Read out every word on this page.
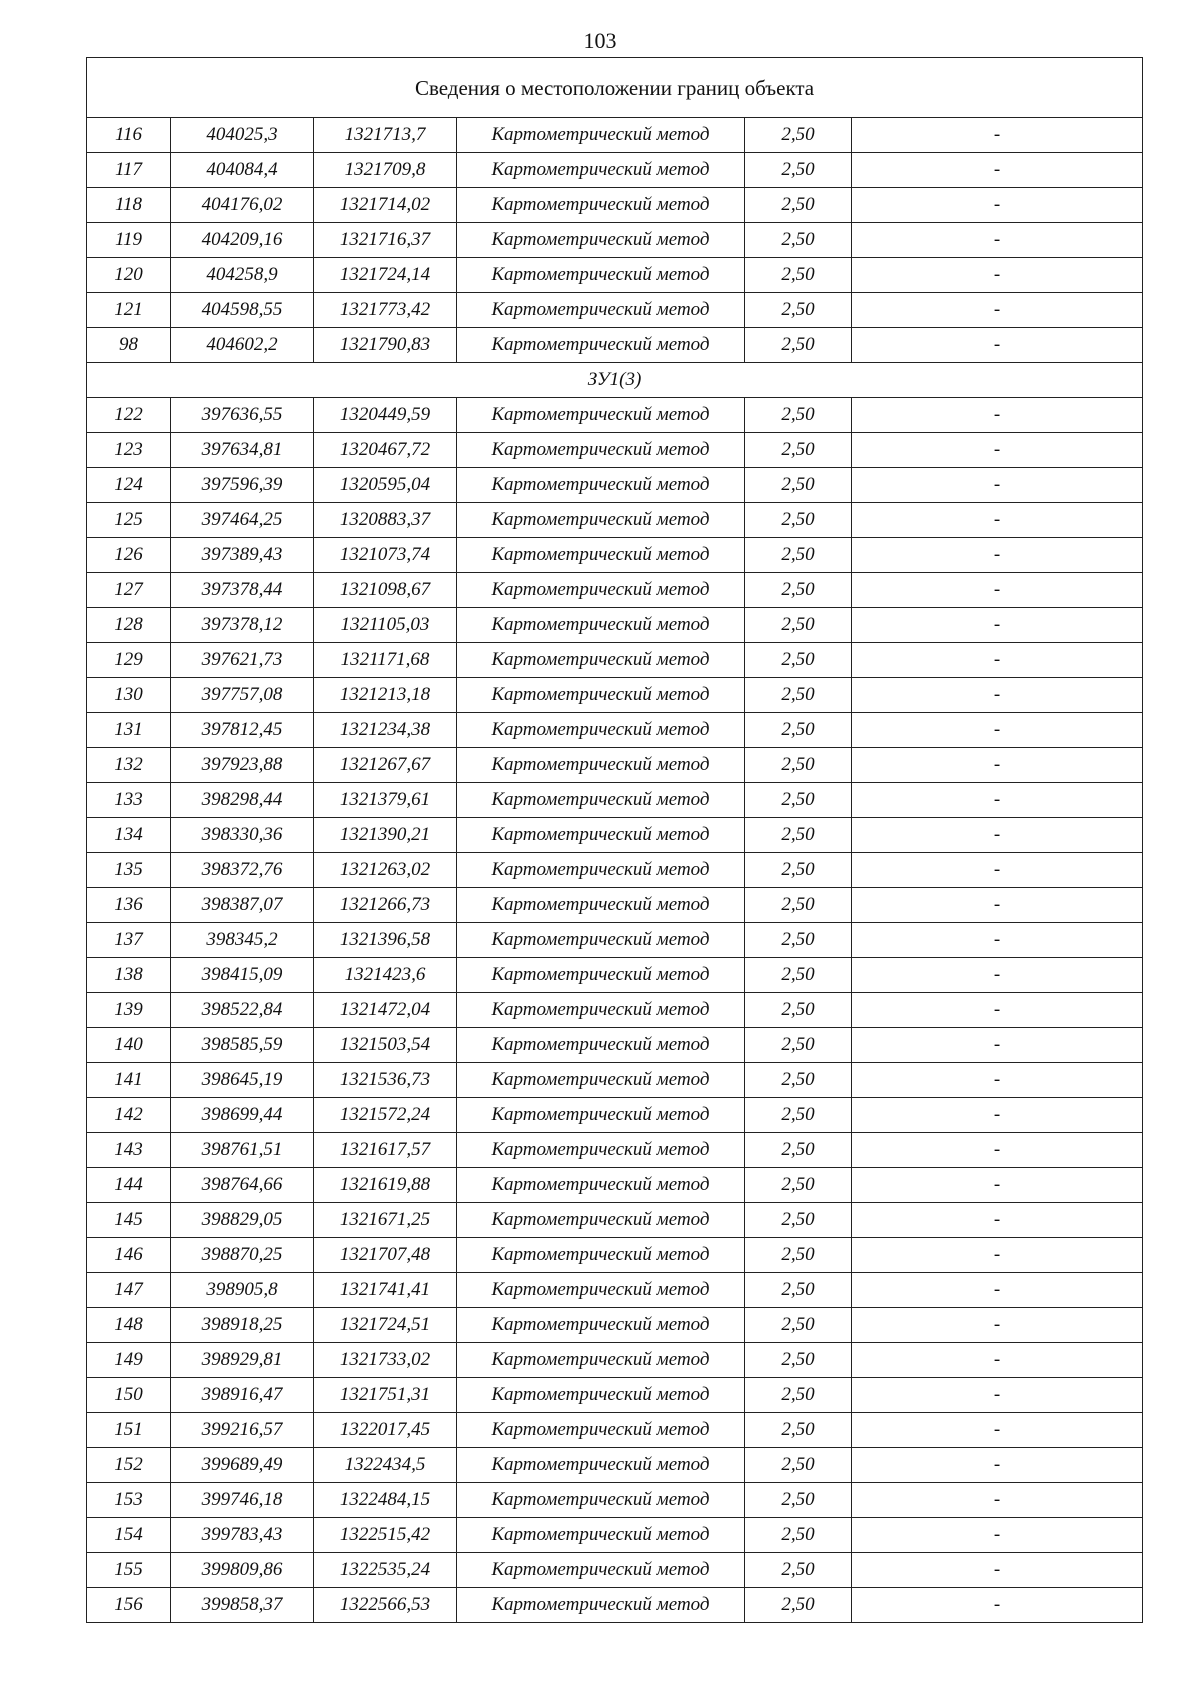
103
Сведения о местоположении границ объекта					
116	404025,3	1321713,7	Картометрический метод	2,50	-
117	404084,4	1321709,8	Картометрический метод	2,50	-
118	404176,02	1321714,02	Картометрический метод	2,50	-
119	404209,16	1321716,37	Картометрический метод	2,50	-
120	404258,9	1321724,14	Картометрический метод	2,50	-
121	404598,55	1321773,42	Картометрический метод	2,50	-
98	404602,2	1321790,83	Картометрический метод	2,50	-
ЗУ1(3)					
122	397636,55	1320449,59	Картометрический метод	2,50	-
123	397634,81	1320467,72	Картометрический метод	2,50	-
124	397596,39	1320595,04	Картометрический метод	2,50	-
125	397464,25	1320883,37	Картометрический метод	2,50	-
126	397389,43	1321073,74	Картометрический метод	2,50	-
127	397378,44	1321098,67	Картометрический метод	2,50	-
128	397378,12	1321105,03	Картометрический метод	2,50	-
129	397621,73	1321171,68	Картометрический метод	2,50	-
130	397757,08	1321213,18	Картометрический метод	2,50	-
131	397812,45	1321234,38	Картометрический метод	2,50	-
132	397923,88	1321267,67	Картометрический метод	2,50	-
133	398298,44	1321379,61	Картометрический метод	2,50	-
134	398330,36	1321390,21	Картометрический метод	2,50	-
135	398372,76	1321263,02	Картометрический метод	2,50	-
136	398387,07	1321266,73	Картометрический метод	2,50	-
137	398345,2	1321396,58	Картометрический метод	2,50	-
138	398415,09	1321423,6	Картометрический метод	2,50	-
139	398522,84	1321472,04	Картометрический метод	2,50	-
140	398585,59	1321503,54	Картометрический метод	2,50	-
141	398645,19	1321536,73	Картометрический метод	2,50	-
142	398699,44	1321572,24	Картометрический метод	2,50	-
143	398761,51	1321617,57	Картометрический метод	2,50	-
144	398764,66	1321619,88	Картометрический метод	2,50	-
145	398829,05	1321671,25	Картометрический метод	2,50	-
146	398870,25	1321707,48	Картометрический метод	2,50	-
147	398905,8	1321741,41	Картометрический метод	2,50	-
148	398918,25	1321724,51	Картометрический метод	2,50	-
149	398929,81	1321733,02	Картометрический метод	2,50	-
150	398916,47	1321751,31	Картометрический метод	2,50	-
151	399216,57	1322017,45	Картометрический метод	2,50	-
152	399689,49	1322434,5	Картометрический метод	2,50	-
153	399746,18	1322484,15	Картометрический метод	2,50	-
154	399783,43	1322515,42	Картометрический метод	2,50	-
155	399809,86	1322535,24	Картометрический метод	2,50	-
156	399858,37	1322566,53	Картометрический метод	2,50	-
